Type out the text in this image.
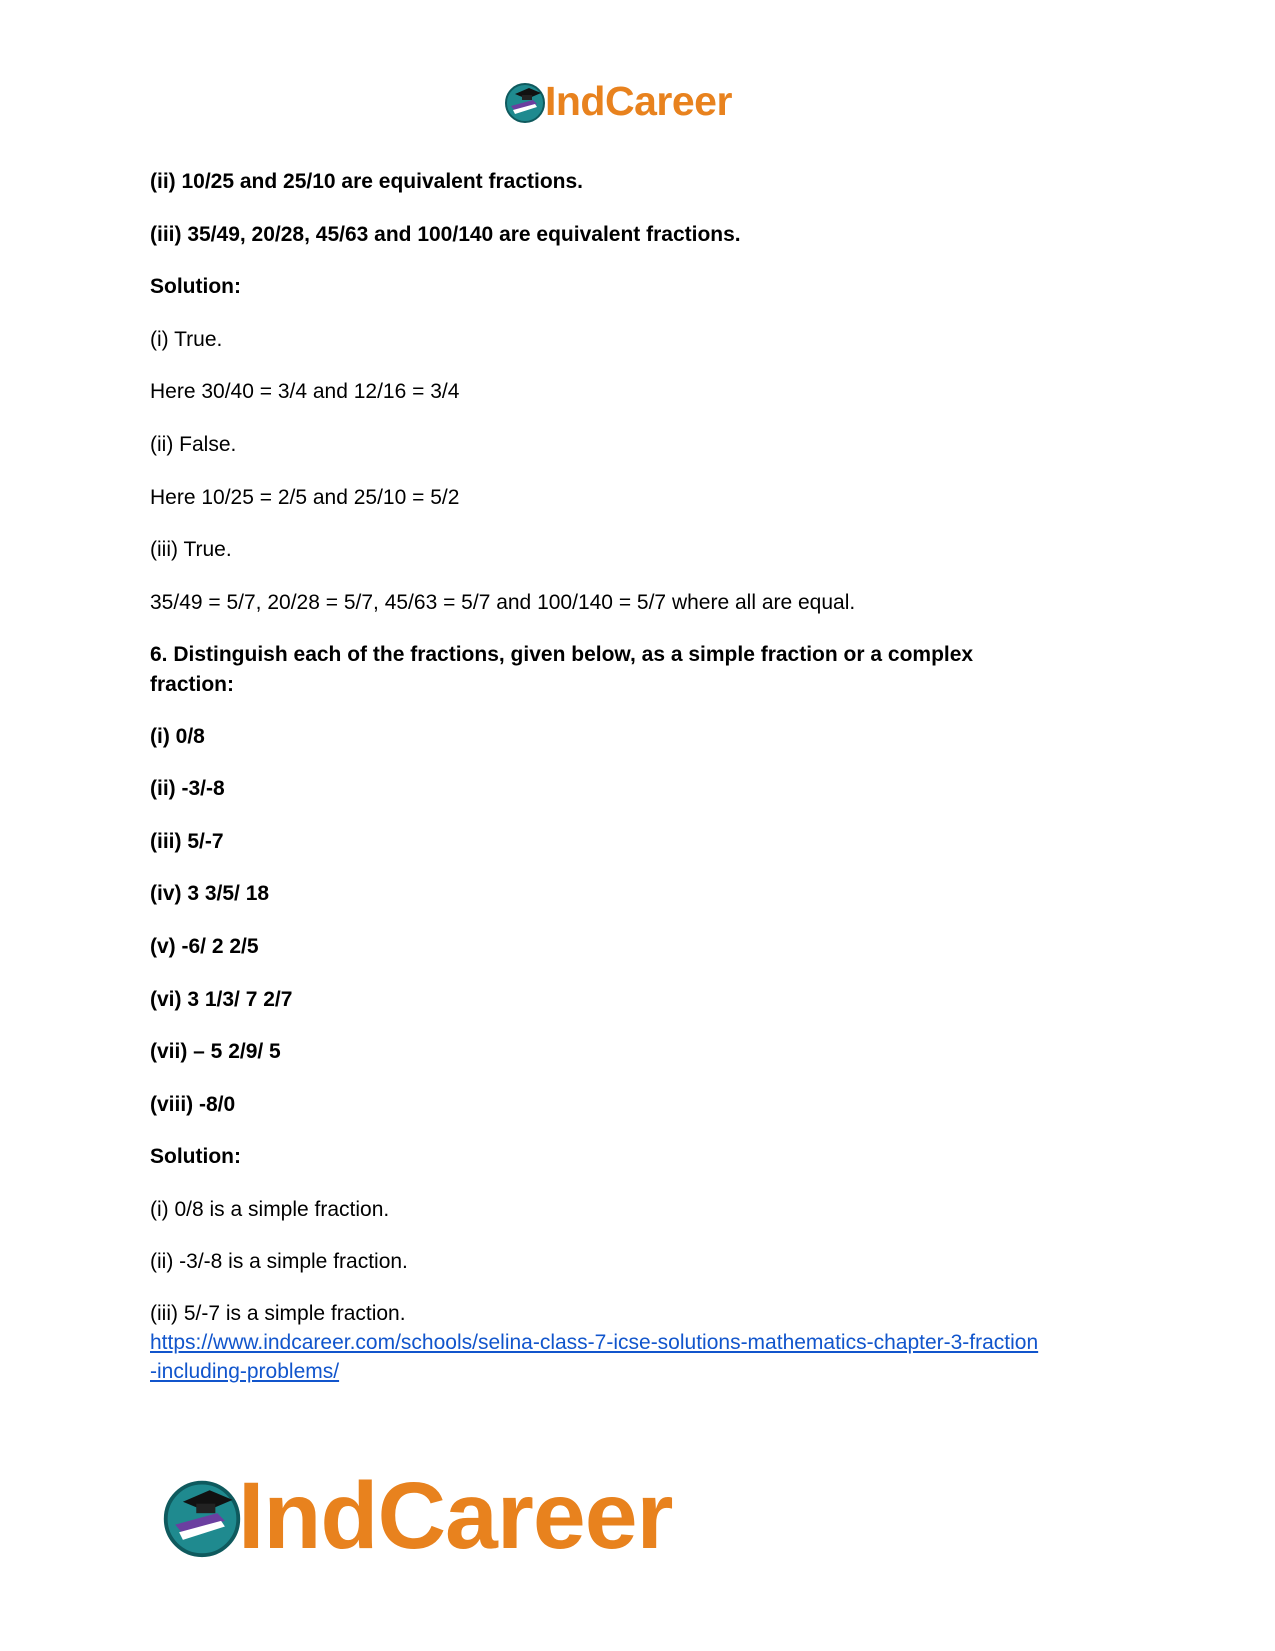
IndCareer
(ii) 10/25 and 25/10 are equivalent fractions.
(iii) 35/49, 20/28, 45/63 and 100/140 are equivalent fractions.
Solution:
(i) True.
Here 30/40 = 3/4 and 12/16 = 3/4
(ii) False.
Here 10/25 = 2/5 and 25/10 = 5/2
(iii) True.
35/49 = 5/7, 20/28 = 5/7, 45/63 = 5/7 and 100/140 = 5/7 where all are equal.
6. Distinguish each of the fractions, given below, as a simple fraction or a complex
fraction:
(i) 0/8
(ii) -3/-8
(iii) 5/-7
(iv) 3 3/5/ 18
(v) -6/ 2 2/5
(vi) 3 1/3/ 7 2/7
(vii) – 5 2/9/ 5
(viii) -8/0
Solution:
(i) 0/8 is a simple fraction.
(ii) -3/-8 is a simple fraction.
(iii) 5/-7 is a simple fraction.
https://www.indcareer.com/schools/selina-class-7-icse-solutions-mathematics-chapter-3-fraction
-including-problems/
IndCareer
